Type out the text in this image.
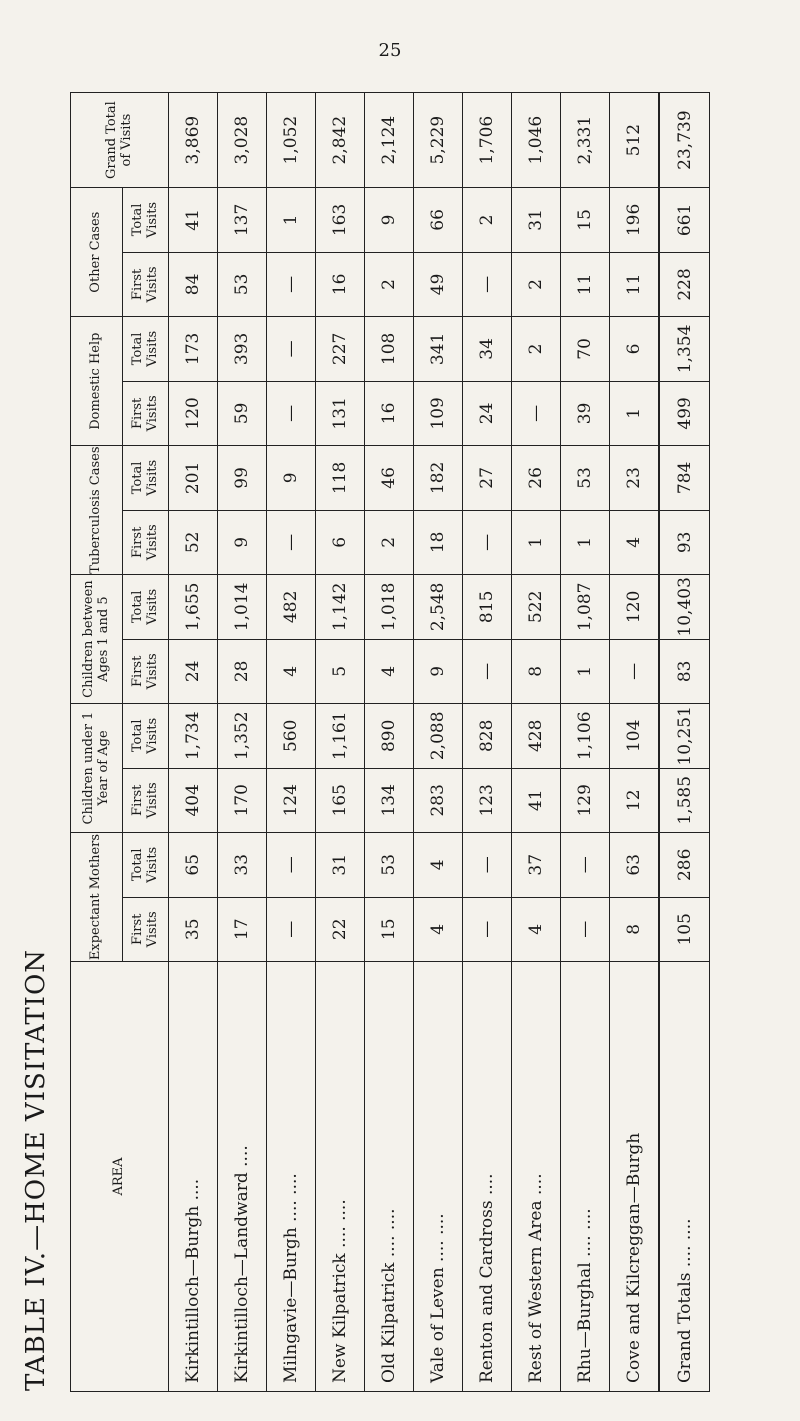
25
TABLE IV.—HOME VISITATION	AREA	Expectant Mothers		Children under 1 Year of Age		Children between Ages 1 and 5		Tuberculosis Cases		Domestic Help		Other Cases		Grand Total of Visits
	First Visits	Total Visits	First Visits	Total Visits	First Visits	Total Visits	First Visits	Total Visits	First Visits	Total Visits	First Visits	Total Visits	
Kirkintilloch—Burgh ....	35	65	404	1,734	24	1,655	52	201	120	173	84	41	3,869
Kirkintilloch—Landward ....	17	33	170	1,352	28	1,014	9	99	59	393	53	137	3,028
Milngavie—Burgh .... ....	—	—	124	560	4	482	—	9	—	—	—	1	1,052
New Kilpatrick .... ....	22	31	165	1,161	5	1,142	6	118	131	227	16	163	2,842
Old Kilpatrick .... ....	15	53	134	890	4	1,018	2	46	16	108	2	9	2,124
Vale of Leven .... ....	4	4	283	2,088	9	2,548	18	182	109	341	49	66	5,229
Renton and Cardross ....	—	—	123	828	—	815	—	27	24	34	—	2	1,706
Rest of Western Area ....	4	37	41	428	8	522	1	26	—	2	2	31	1,046
Rhu—Burghal .... ....	—	—	129	1,106	1	1,087	1	53	39	70	11	15	2,331
Cove and Kilcreggan—Burgh	8	63	12	104	—	120	4	23	1	6	11	196	512
Grand Totals .... ....	105	286	1,585	10,251	83	10,403	93	784	499	1,354	228	661	23,739
